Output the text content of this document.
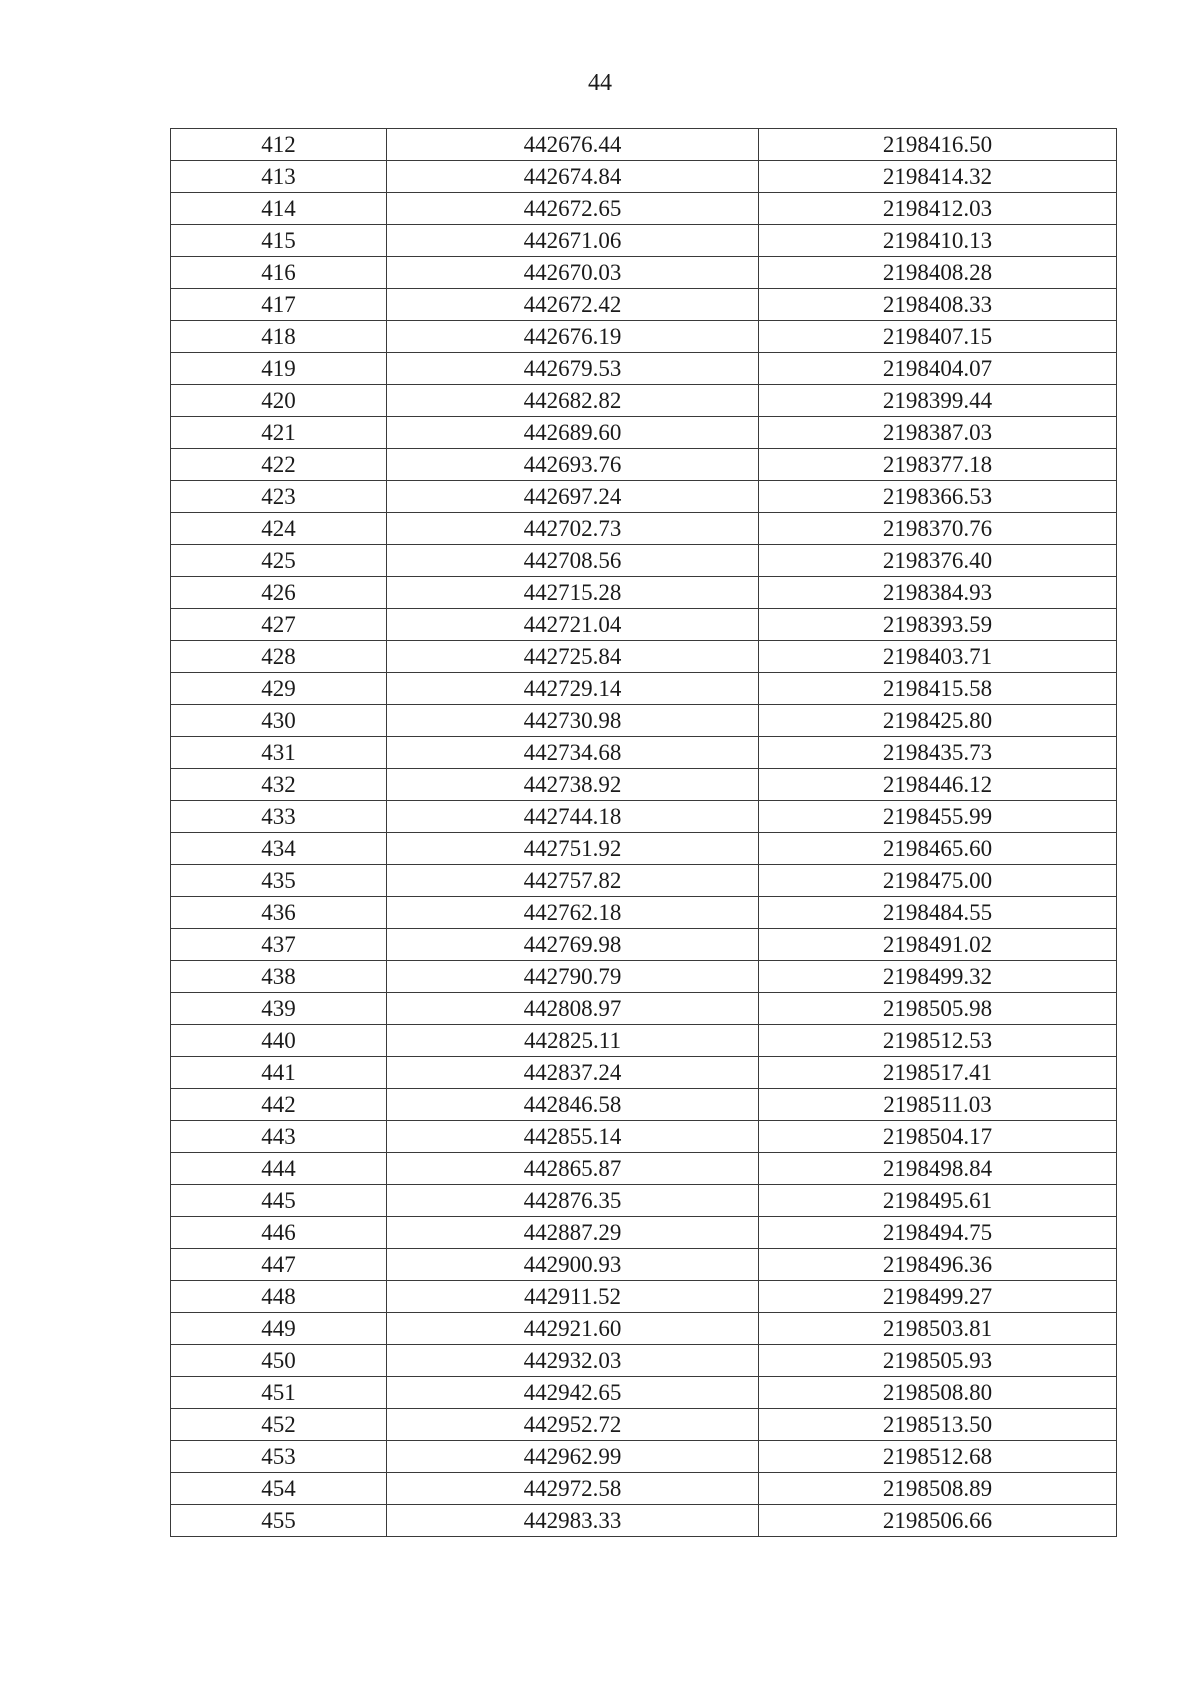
44
412	442676.44	2198416.50
413	442674.84	2198414.32
414	442672.65	2198412.03
415	442671.06	2198410.13
416	442670.03	2198408.28
417	442672.42	2198408.33
418	442676.19	2198407.15
419	442679.53	2198404.07
420	442682.82	2198399.44
421	442689.60	2198387.03
422	442693.76	2198377.18
423	442697.24	2198366.53
424	442702.73	2198370.76
425	442708.56	2198376.40
426	442715.28	2198384.93
427	442721.04	2198393.59
428	442725.84	2198403.71
429	442729.14	2198415.58
430	442730.98	2198425.80
431	442734.68	2198435.73
432	442738.92	2198446.12
433	442744.18	2198455.99
434	442751.92	2198465.60
435	442757.82	2198475.00
436	442762.18	2198484.55
437	442769.98	2198491.02
438	442790.79	2198499.32
439	442808.97	2198505.98
440	442825.11	2198512.53
441	442837.24	2198517.41
442	442846.58	2198511.03
443	442855.14	2198504.17
444	442865.87	2198498.84
445	442876.35	2198495.61
446	442887.29	2198494.75
447	442900.93	2198496.36
448	442911.52	2198499.27
449	442921.60	2198503.81
450	442932.03	2198505.93
451	442942.65	2198508.80
452	442952.72	2198513.50
453	442962.99	2198512.68
454	442972.58	2198508.89
455	442983.33	2198506.66
